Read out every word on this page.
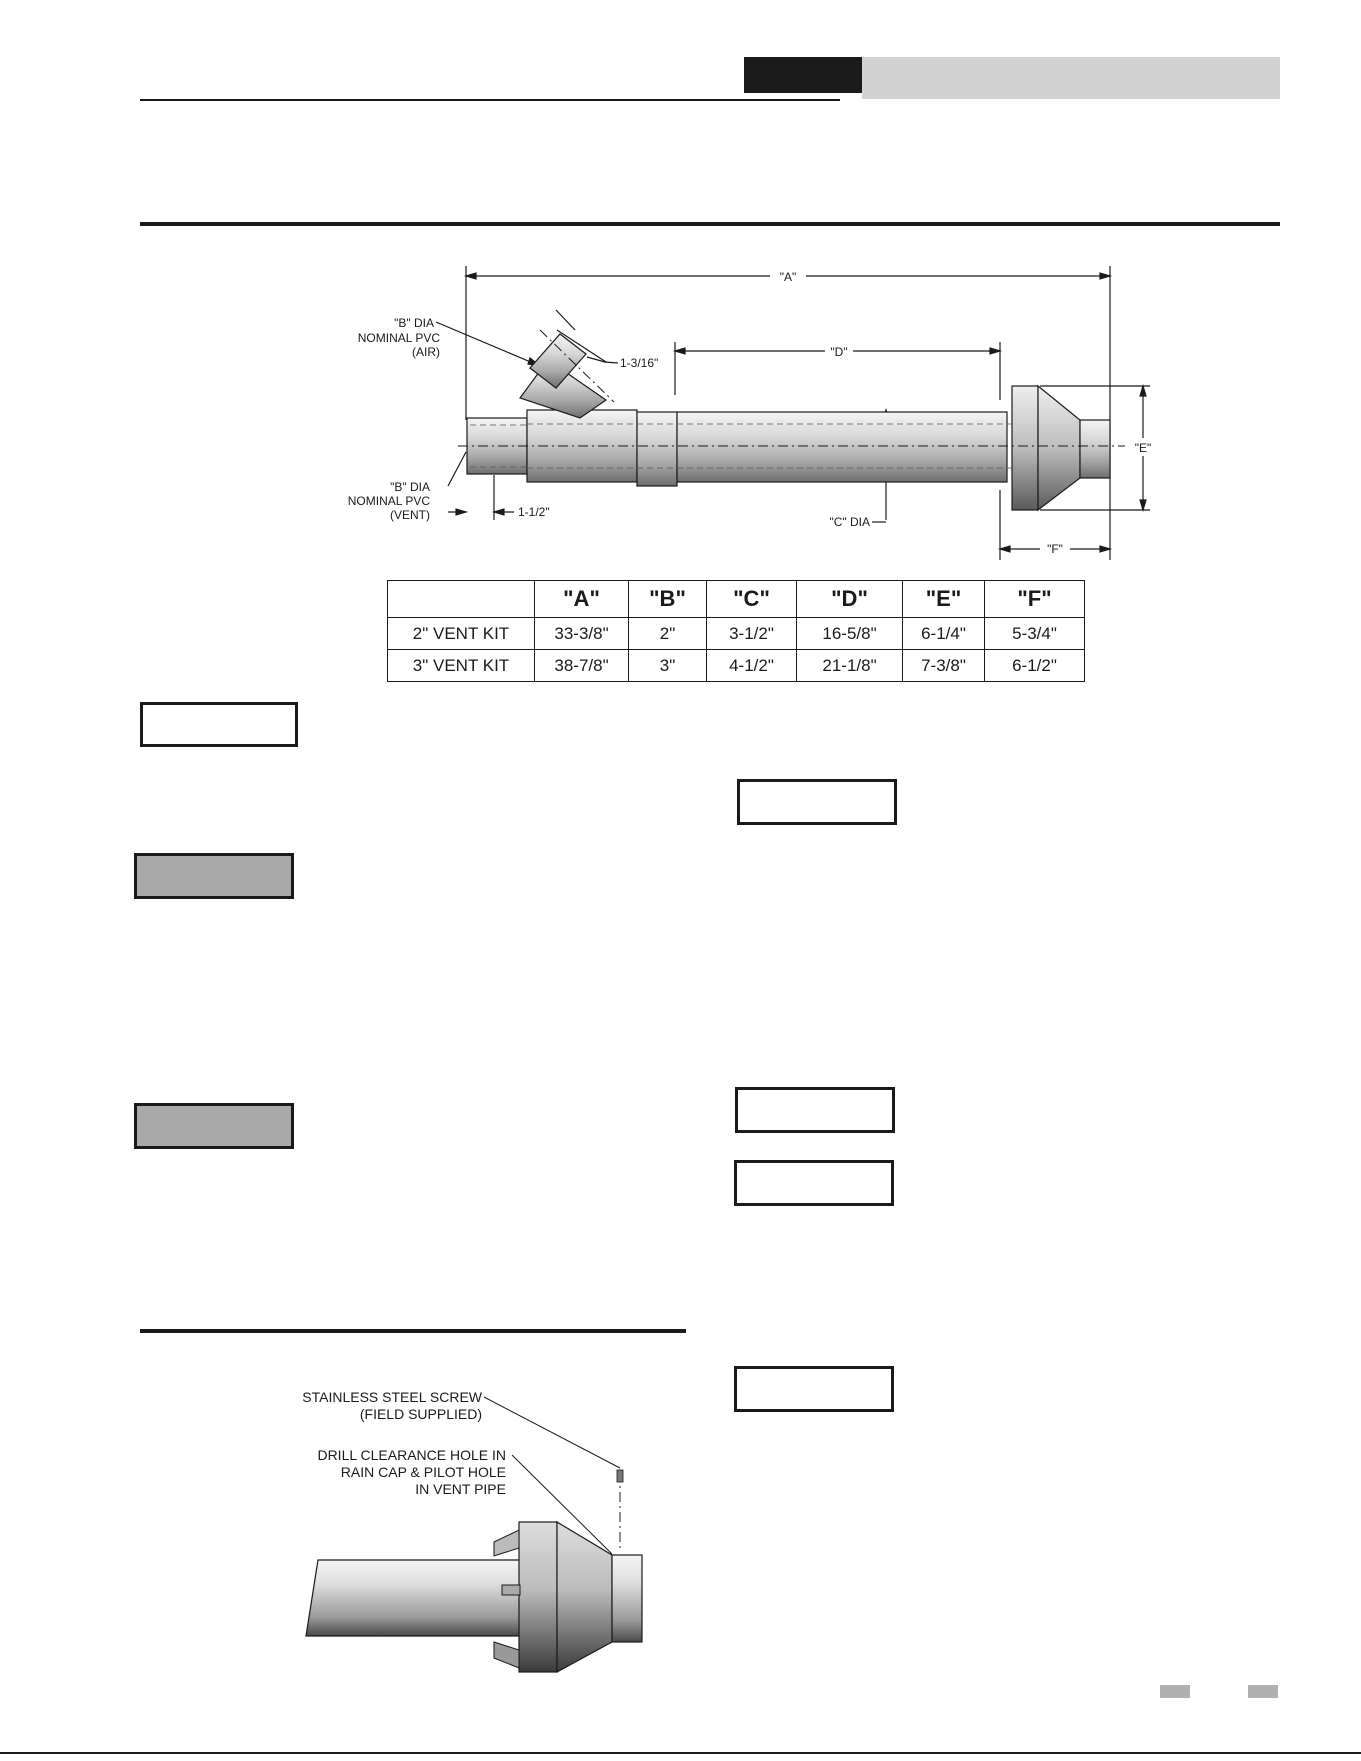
"A"
"D"
"E"
"F"
"C" DIA
1-1/2"
1-3/16"
"B" DIA
NOMINAL PVC
(AIR)
"B" DIA
NOMINAL PVC
(VENT)
	"A"	"B"	"C"	"D"	"E"	"F"
2" VENT KIT	33-3/8"	2"	3-1/2"	16-5/8"	6-1/4"	5-3/4"
3" VENT KIT	38-7/8"	3"	4-1/2"	21-1/8"	7-3/8"	6-1/2"
STAINLESS STEEL SCREW
(FIELD SUPPLIED)
DRILL CLEARANCE HOLE IN
RAIN CAP & PILOT HOLE
IN VENT PIPE
